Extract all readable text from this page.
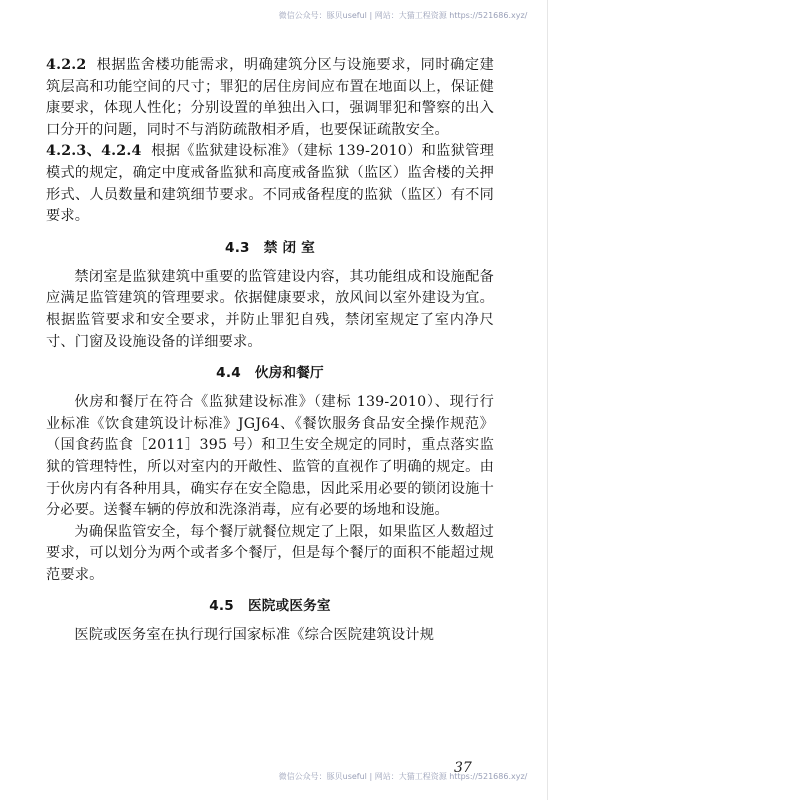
微信公众号：豚贝useful | 网站：大猫工程资源 https://521686.xyz/

4.2.2 根据监舍楼功能需求，明确建筑分区与设施要求，同时确定建筑层高和功能空间的尺寸；罪犯的居住房间应布置在地面以上，保证健康要求，体现人性化；分别设置的单独出入口，强调罪犯和警察的出入口分开的问题，同时不与消防疏散相矛盾，也要保证疏散安全。

4.2.3、4.2.4 根据《监狱建设标准》（建标 139-2010）和监狱管理模式的规定，确定中度戒备监狱和高度戒备监狱（监区）监舍楼的关押形式、人员数量和建筑细节要求。不同戒备程度的监狱（监区）有不同要求。

4.3 禁 闭 室

禁闭室是监狱建筑中重要的监管建设内容，其功能组成和设施配备应满足监管建筑的管理要求。依据健康要求，放风间以室外建设为宜。根据监管要求和安全要求，并防止罪犯自残，禁闭室规定了室内净尺寸、门窗及设施设备的详细要求。

4.4 伙房和餐厅

伙房和餐厅在符合《监狱建设标准》（建标 139-2010）、现行行业标准《饮食建筑设计标准》JGJ64、《餐饮服务食品安全操作规范》（国食药监食［2011］395 号）和卫生安全规定的同时，重点落实监狱的管理特性，所以对室内的开敞性、监管的直视作了明确的规定。由于伙房内有各种用具，确实存在安全隐患，因此采用必要的锁闭设施十分必要。送餐车辆的停放和洗涤消毒，应有必要的场地和设施。

为确保监管安全，每个餐厅就餐位规定了上限，如果监区人数超过要求，可以划分为两个或者多个餐厅，但是每个餐厅的面积不能超过规范要求。

4.5 医院或医务室

医院或医务室在执行现行国家标准《综合医院建筑设计规

37
微信公众号：豚贝useful | 网站：大猫工程资源 https://521686.xyz/
